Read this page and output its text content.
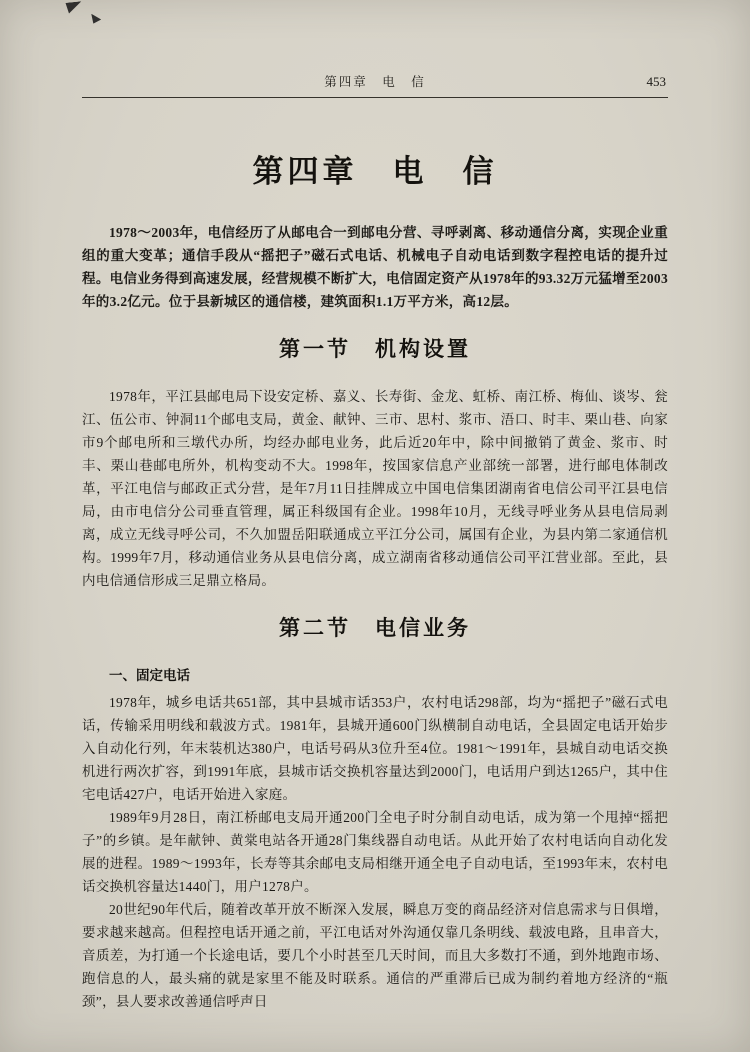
第四章　电　信	453
第四章　电　信

1978～2003年，电信经历了从邮电合一到邮电分营、寻呼剥离、移动通信分离，实现企业重组的重大变革；通信手段从“摇把子”磁石式电话、机械电子自动电话到数字程控电话的提升过程。电信业务得到高速发展，经营规模不断扩大，电信固定资产从1978年的93.32万元猛增至2003年的3.2亿元。位于县新城区的通信楼，建筑面积1.1万平方米，高12层。

第一节　机构设置

1978年，平江县邮电局下设安定桥、嘉义、长寿街、金龙、虹桥、南江桥、梅仙、谈岑、瓮江、伍公市、钟洞11个邮电支局，黄金、献钟、三市、思村、浆市、浯口、时丰、栗山巷、向家市9个邮电所和三墩代办所，均经办邮电业务，此后近20年中，除中间撤销了黄金、浆市、时丰、栗山巷邮电所外，机构变动不大。1998年，按国家信息产业部统一部署，进行邮电体制改革，平江电信与邮政正式分营，是年7月11日挂牌成立中国电信集团湖南省电信公司平江县电信局，由市电信分公司垂直管理，属正科级国有企业。1998年10月，无线寻呼业务从县电信局剥离，成立无线寻呼公司，不久加盟岳阳联通成立平江分公司，属国有企业，为县内第二家通信机构。1999年7月，移动通信业务从县电信分离，成立湖南省移动通信公司平江营业部。至此，县内电信通信形成三足鼎立格局。

第二节　电信业务
一、固定电话

1978年，城乡电话共651部，其中县城市话353户，农村电话298部，均为“摇把子”磁石式电话，传输采用明线和载波方式。1981年，县城开通600门纵横制自动电话，全县固定电话开始步入自动化行列，年末装机达380户，电话号码从3位升至4位。1981～1991年，县城自动电话交换机进行两次扩容，到1991年底，县城市话交换机容量达到2000门，电话用户到达1265户，其中住宅电话427户，电话开始进入家庭。

1989年9月28日，南江桥邮电支局开通200门全电子时分制自动电话，成为第一个甩掉“摇把子”的乡镇。是年献钟、黄棠电站各开通28门集线器自动电话。从此开始了农村电话向自动化发展的进程。1989～1993年，长寿等其余邮电支局相继开通全电子自动电话，至1993年末，农村电话交换机容量达1440门，用户1278户。

20世纪90年代后，随着改革开放不断深入发展，瞬息万变的商品经济对信息需求与日俱增，要求越来越高。但程控电话开通之前，平江电话对外沟通仅靠几条明线、载波电路，且串音大，音质差，为打通一个长途电话，要几个小时甚至几天时间，而且大多数打不通，到外地跑市场、跑信息的人，最头痛的就是家里不能及时联系。通信的严重滞后已成为制约着地方经济的“瓶颈”，县人要求改善通信呼声日
